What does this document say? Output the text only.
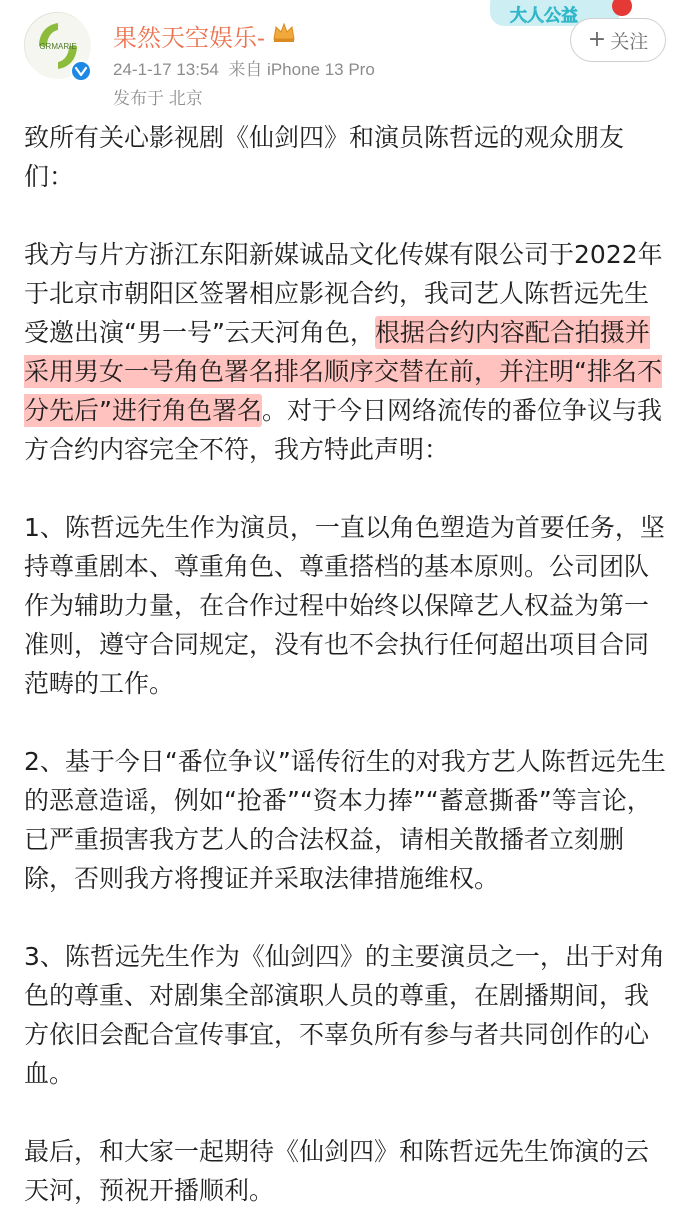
GRMARIE 果然天空娱乐-
24-1-17 13:54 来自 iPhone 13 Pro
发布于 北京
大人公益
+ 关注

致所有关心影视剧《仙剑四》和演员陈哲远的观众朋友们：

我方与片方浙江东阳新媒诚品文化传媒有限公司于2022年于北京市朝阳区签署相应影视合约，我司艺人陈哲远先生受邀出演“男一号”云天河角色，根据合约内容配合拍摄并采用男女一号角色署名排名顺序交替在前，并注明“排名不分先后”进行角色署名。对于今日网络流传的番位争议与我方合约内容完全不符，我方特此声明：

1、陈哲远先生作为演员，一直以角色塑造为首要任务，坚持尊重剧本、尊重角色、尊重搭档的基本原则。公司团队作为辅助力量，在合作过程中始终以保障艺人权益为第一准则，遵守合同规定，没有也不会执行任何超出项目合同范畴的工作。

2、基于今日“番位争议”谣传衍生的对我方艺人陈哲远先生的恶意造谣，例如“抢番”“资本力捧”“蓄意撕番”等言论，已严重损害我方艺人的合法权益，请相关散播者立刻删除，否则我方将搜证并采取法律措施维权。

3、陈哲远先生作为《仙剑四》的主要演员之一，出于对角色的尊重、对剧集全部演职人员的尊重，在剧播期间，我方依旧会配合宣传事宜，不辜负所有参与者共同创作的心血。

最后，和大家一起期待《仙剑四》和陈哲远先生饰演的云天河，预祝开播顺利。
